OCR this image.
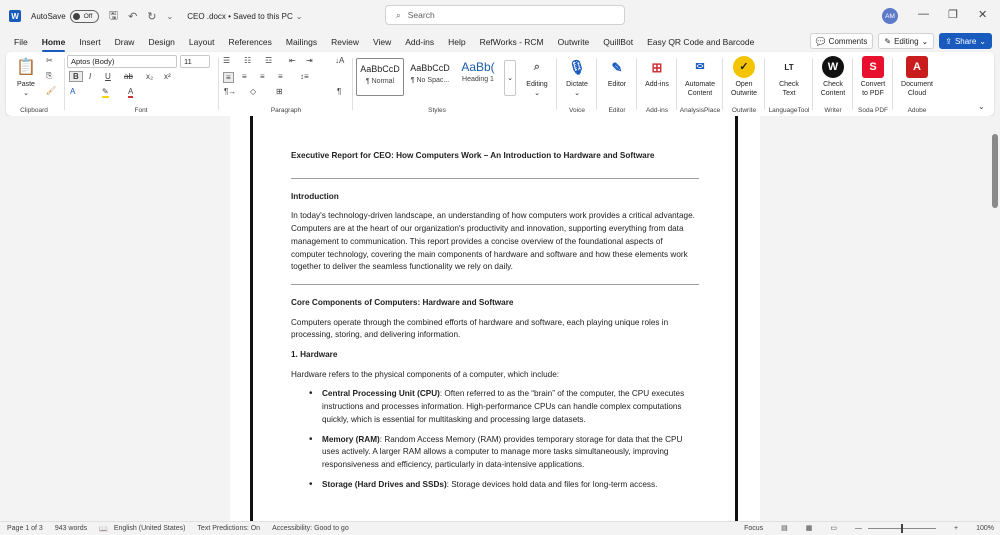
W AutoSave	Off 🖫 ↶ ↻ ⌄ CEO .docx • Saved to this PC ⌄	⌕ Search	AM — ❐ ✕
File Home Insert Draw Design Layout References Mailings Review View Add-ins Help RefWorks - RCM Outwrite QuillBot Easy QR Code and Barcode	💬 Comments ✎ Editing ⌄ ⇪ Share ⌄
📋
Paste
⌄
✂
⎘
🖌
Clipboard
Aptos (Body)	11
B	I U ab x₂ x²
✎ A
A
Font
☰ ☷ ☲ ⇤ ⇥
≡	≡ ≡ ≡ ↕≡
¶→ ◇ ⊞
↓A
¶
Paragraph
AaBbCcD
¶ Normal
AaBbCcD
¶ No Spac...
AaBb(
Heading 1	⌄
Styles
⌕
Editing
⌄
🎙
Dictate
⌄
Voice
✎
Editor
Editor
⊞
Add-ins
Add-ins
✉
Automate
Content
AnalysisPlace
✓
Open
Outwrite
Outwrite
LT
Check
Text
LanguageTool
W
Check
Content
Writer
S
Convert
to PDF
Soda PDF
A
Document
Cloud
Adobe	⌄
Executive Report for CEO: How Computers Work – An Introduction to Hardware and Software
Introduction

In today's technology-driven landscape, an understanding of how computers work provides a critical advantage. Computers are at the heart of our organization's productivity and innovation, supporting everything from data management to communication. This report provides a concise overview of the foundational aspects of computer technology, covering the main components of hardware and software and how these elements work together to deliver the seamless functionality we rely on daily.

Core Components of Computers: Hardware and Software

Computers operate through the combined efforts of hardware and software, each playing unique roles in processing, storing, and delivering information.

1. Hardware

Hardware refers to the physical components of a computer, which include:

• Central Processing Unit (CPU): Often referred to as the “brain” of the computer, the CPU executes instructions and processes information. High-performance CPUs can handle complex computations quickly, which is essential for multitasking and processing large datasets.
• Memory (RAM): Random Access Memory (RAM) provides temporary storage for data that the CPU uses actively. A larger RAM allows a computer to manage more tasks simultaneously, improving responsiveness and efficiency, particularly in data-intensive applications.
• Storage (Hard Drives and SSDs): Storage devices hold data and files for long-term access.
Page 1 of 3 943 words 📖 English (United States) Text Predictions: On Accessibility: Good to go	Focus	▤	▦	▭	—	+	100%
